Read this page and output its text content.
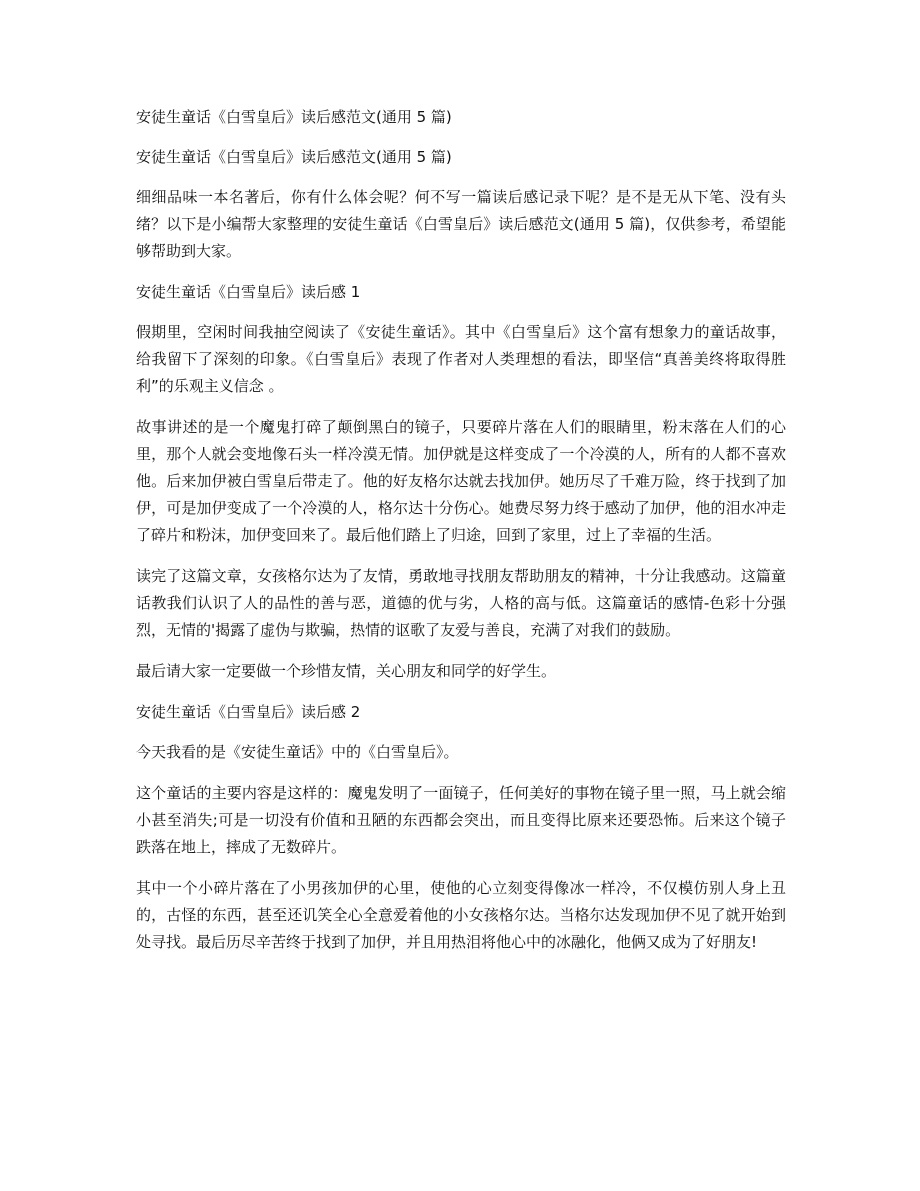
安徒生童话《白雪皇后》读后感范文(通用 5 篇)
安徒生童话《白雪皇后》读后感范文(通用 5 篇)

细细品味一本名著后，你有什么体会呢？何不写一篇读后感记录下呢？是不是无从下笔、没有头绪？以下是小编帮大家整理的安徒生童话《白雪皇后》读后感范文(通用 5 篇)，仅供参考，希望能够帮助到大家。

安徒生童话《白雪皇后》读后感 1

假期里，空闲时间我抽空阅读了《安徒生童话》。其中《白雪皇后》这个富有想象力的童话故事，给我留下了深刻的印象。《白雪皇后》表现了作者对人类理想的看法，即坚信“真善美终将取得胜利”的乐观主义信念 。

故事讲述的是一个魔鬼打碎了颠倒黑白的镜子，只要碎片落在人们的眼睛里，粉末落在人们的心里，那个人就会变地像石头一样冷漠无情。加伊就是这样变成了一个冷漠的人，所有的人都不喜欢他。后来加伊被白雪皇后带走了。他的好友格尔达就去找加伊。她历尽了千难万险，终于找到了加伊，可是加伊变成了一个冷漠的人，格尔达十分伤心。她费尽努力终于感动了加伊，他的泪水冲走了碎片和粉沫，加伊变回来了。最后他们踏上了归途，回到了家里，过上了幸福的生活。

读完了这篇文章，女孩格尔达为了友情，勇敢地寻找朋友帮助朋友的精神，十分让我感动。这篇童话教我们认识了人的品性的善与恶，道德的优与劣，人格的高与低。这篇童话的感情-色彩十分强烈，无情的'揭露了虚伪与欺骗，热情的讴歌了友爱与善良，充满了对我们的鼓励。

最后请大家一定要做一个珍惜友情，关心朋友和同学的好学生。

安徒生童话《白雪皇后》读后感 2

今天我看的是《安徒生童话》中的《白雪皇后》。

这个童话的主要内容是这样的：魔鬼发明了一面镜子，任何美好的事物在镜子里一照，马上就会缩小甚至消失;可是一切没有价值和丑陋的东西都会突出，而且变得比原来还要恐怖。后来这个镜子跌落在地上，摔成了无数碎片。

其中一个小碎片落在了小男孩加伊的心里，使他的心立刻变得像冰一样冷，不仅模仿别人身上丑的，古怪的东西，甚至还讥笑全心全意爱着他的小女孩格尔达。当格尔达发现加伊不见了就开始到处寻找。最后历尽辛苦终于找到了加伊，并且用热泪将他心中的冰融化，他俩又成为了好朋友!
